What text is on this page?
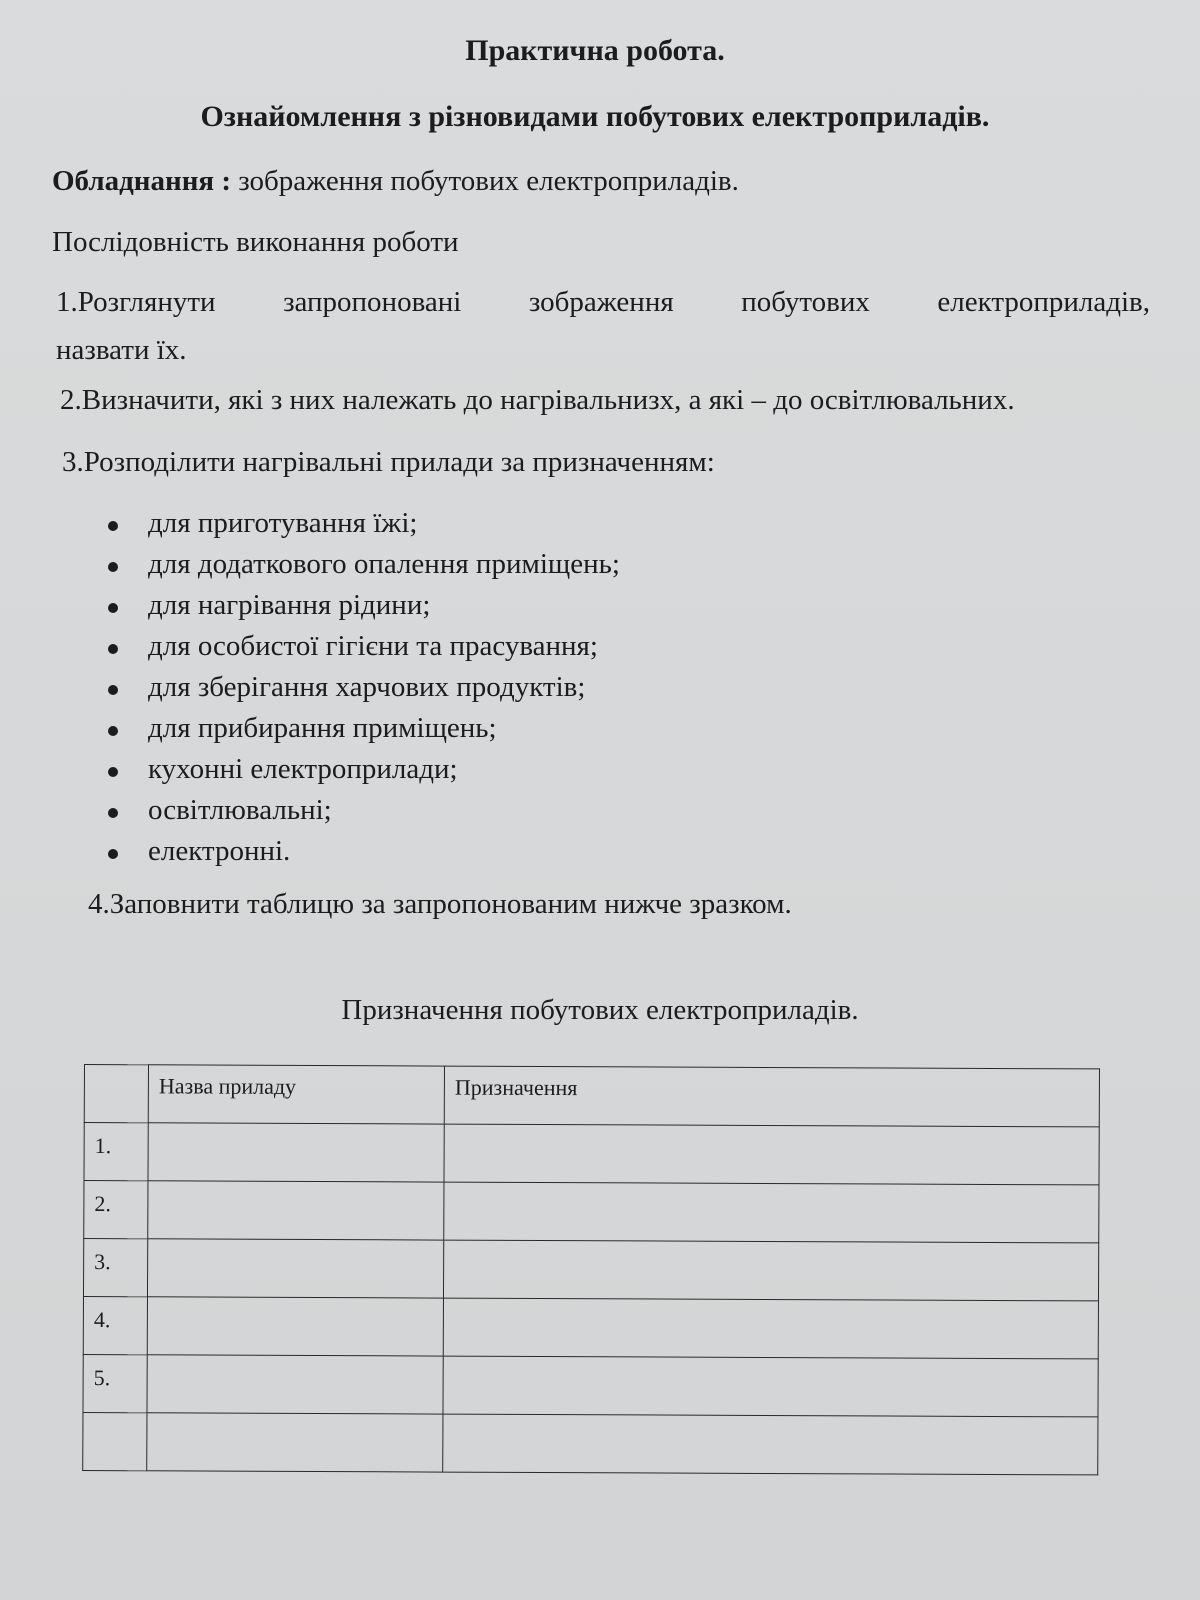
Практична робота.
Ознайомлення з різновидами побутових електроприладів.
Обладнання : зображення побутових електроприладів.
Послідовність виконання роботи
1.Розглянути запропоновані зображення побутових електроприладів,
назвати їх.
2.Визначити, які з них належать до нагрівальнизх, а які – до освітлювальних.
3.Розподілити нагрівальні прилади за призначенням:
для приготування їжі;
для додаткового опалення приміщень;
для нагрівання рідини;
для особистої гігієни та прасування;
для зберігання харчових продуктів;
для прибирання приміщень;
кухонні електроприлади;
освітлювальні;
електронні.
4.Заповнити таблицю за запропонованим нижче зразком.
Призначення побутових електроприладів.
	Назва приладу	Призначення
1.		
2.		
3.		
4.		
5.		
